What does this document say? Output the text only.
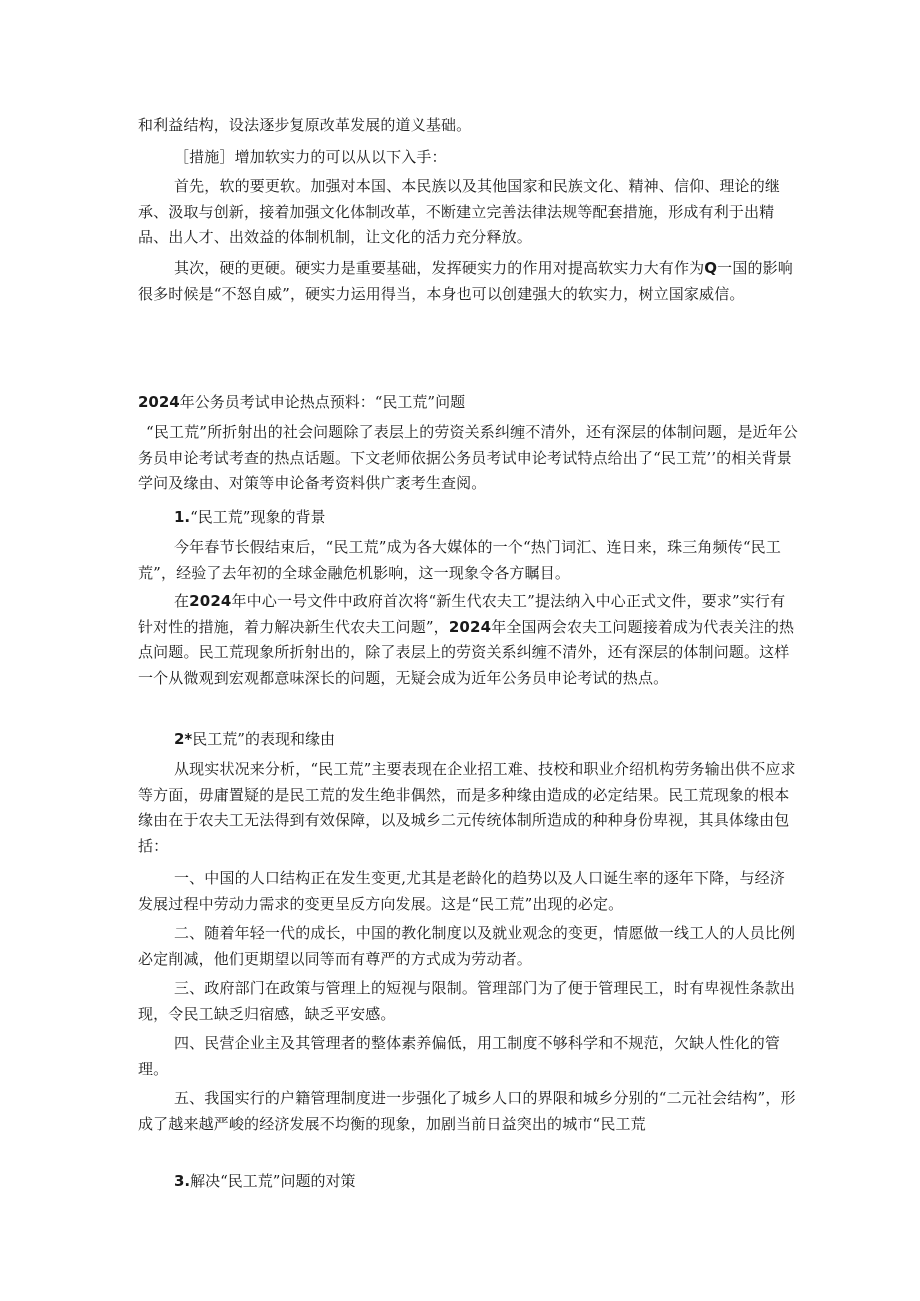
和利益结构，设法逐步复原改革发展的道义基础。

［措施］增加软实力的可以从以下入手：

首先，软的要更软。加强对本国、本民族以及其他国家和民族文化、精神、信仰、理论的继承、汲取与创新，接着加强文化体制改革，不断建立完善法律法规等配套措施，形成有利于出精品、出人才、出效益的体制机制，让文化的活力充分释放。

其次，硬的更硬。硬实力是重要基础，发挥硬实力的作用对提高软实力大有作为Q一国的影响很多时候是“不怒自威”，硬实力运用得当，本身也可以创建强大的软实力，树立国家威信。

2024年公务员考试申论热点预料：“民工荒”问题

“民工荒”所折射出的社会问题除了表层上的劳资关系纠缠不清外，还有深层的体制问题，是近年公务员申论考试考查的热点话题。下文老师依据公务员考试申论考试特点给出了“民工荒’’的相关背景学问及缘由、对策等申论备考资料供广袤考生查阅。

1.“民工荒”现象的背景

今年春节长假结束后，“民工荒”成为各大媒体的一个“热门词汇、连日来，珠三角频传“民工荒”，经验了去年初的全球金融危机影响，这一现象令各方瞩目。

在2024年中心一号文件中政府首次将“新生代农夫工”提法纳入中心正式文件，要求”实行有针对性的措施，着力解决新生代农夫工问题”，2024年全国两会农夫工问题接着成为代表关注的热点问题。民工荒现象所折射出的，除了表层上的劳资关系纠缠不清外，还有深层的体制问题。这样一个从微观到宏观都意味深长的问题，无疑会成为近年公务员申论考试的热点。

2*民工荒”的表现和缘由

从现实状况来分析，“民工荒”主要表现在企业招工难、技校和职业介绍机构劳务输出供不应求等方面，毋庸置疑的是民工荒的发生绝非偶然，而是多种缘由造成的必定结果。民工荒现象的根本缘由在于农夫工无法得到有效保障，以及城乡二元传统体制所造成的种种身份卑视，其具体缘由包括：

一、中国的人口结构正在发生变更,尤其是老龄化的趋势以及人口诞生率的逐年下降，与经济发展过程中劳动力需求的变更呈反方向发展。这是“民工荒”出现的必定。

二、随着年轻一代的成长，中国的教化制度以及就业观念的变更，情愿做一线工人的人员比例必定削减，他们更期望以同等而有尊严的方式成为劳动者。

三、政府部门在政策与管理上的短视与限制。管理部门为了便于管理民工，时有卑视性条款出现，令民工缺乏归宿感，缺乏平安感。

四、民营企业主及其管理者的整体素养偏低，用工制度不够科学和不规范，欠缺人性化的管理。

五、我国实行的户籍管理制度进一步强化了城乡人口的界限和城乡分别的“二元社会结构”，形成了越来越严峻的经济发展不均衡的现象，加剧当前日益突出的城市“民工荒

3.解决“民工荒”问题的对策
